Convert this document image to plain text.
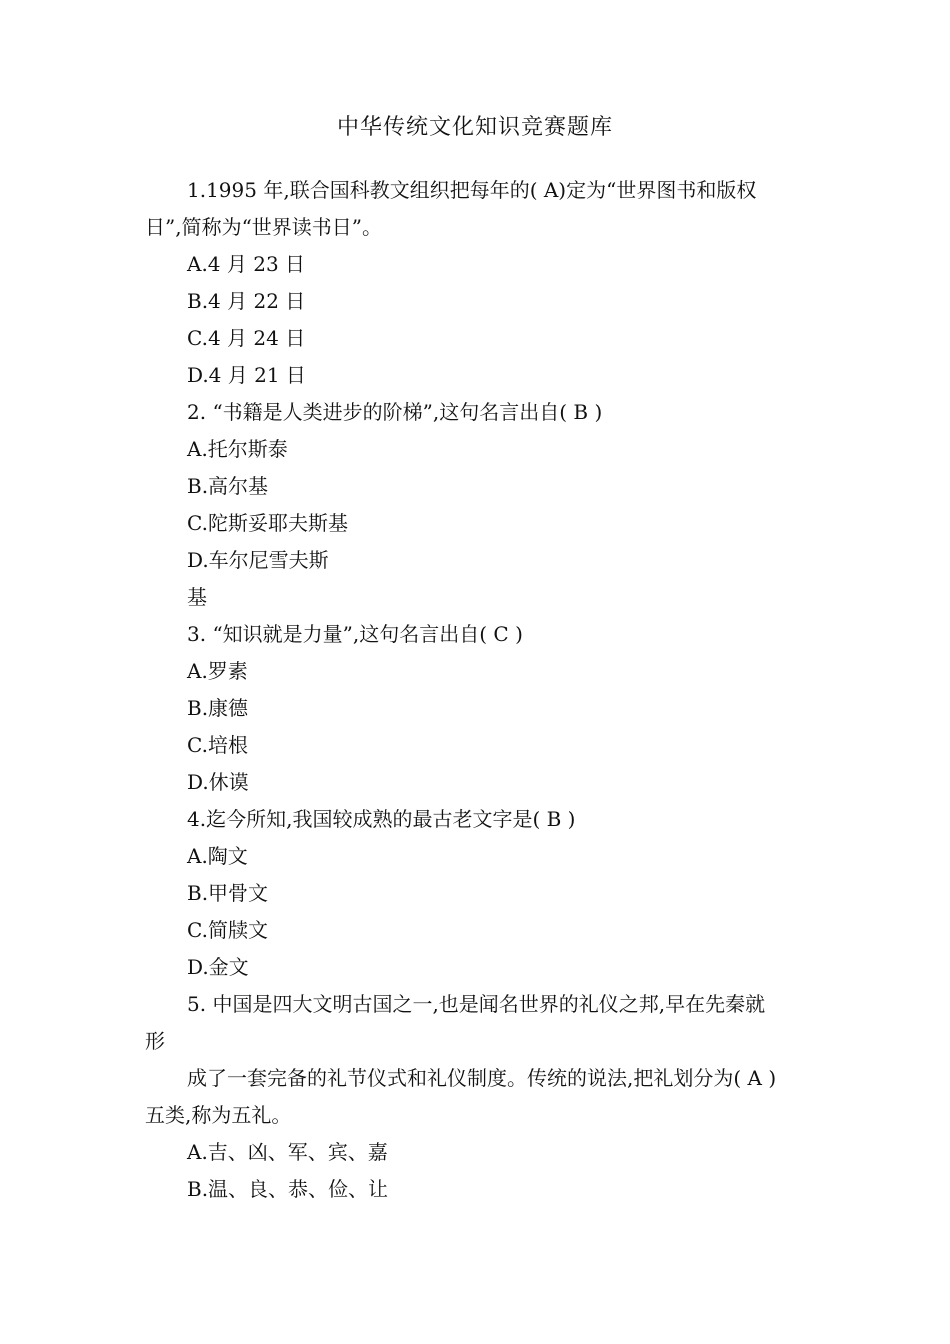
中华传统文化知识竞赛题库
1.1995 年,联合国科教文组织把每年的( A)定为“世界图书和版权
日”,简称为“世界读书日”。
A.4 月 23 日
B.4 月 22 日
C.4 月 24 日
D.4 月 21 日
2. “书籍是人类进步的阶梯”,这句名言出自( B )
A.托尔斯泰
B.高尔基
C.陀斯妥耶夫斯基
D.车尔尼雪夫斯
基
3. “知识就是力量”,这句名言出自( C )
A.罗素
B.康德
C.培根
D.休谟
4.迄今所知,我国较成熟的最古老文字是( B )
A.陶文
B.甲骨文
C.简牍文
D.金文
5. 中国是四大文明古国之一,也是闻名世界的礼仪之邦,早在先秦就
形
成了一套完备的礼节仪式和礼仪制度。传统的说法,把礼划分为( A )
五类,称为五礼。
A.吉、凶、军、宾、嘉
B.温、良、恭、俭、让
